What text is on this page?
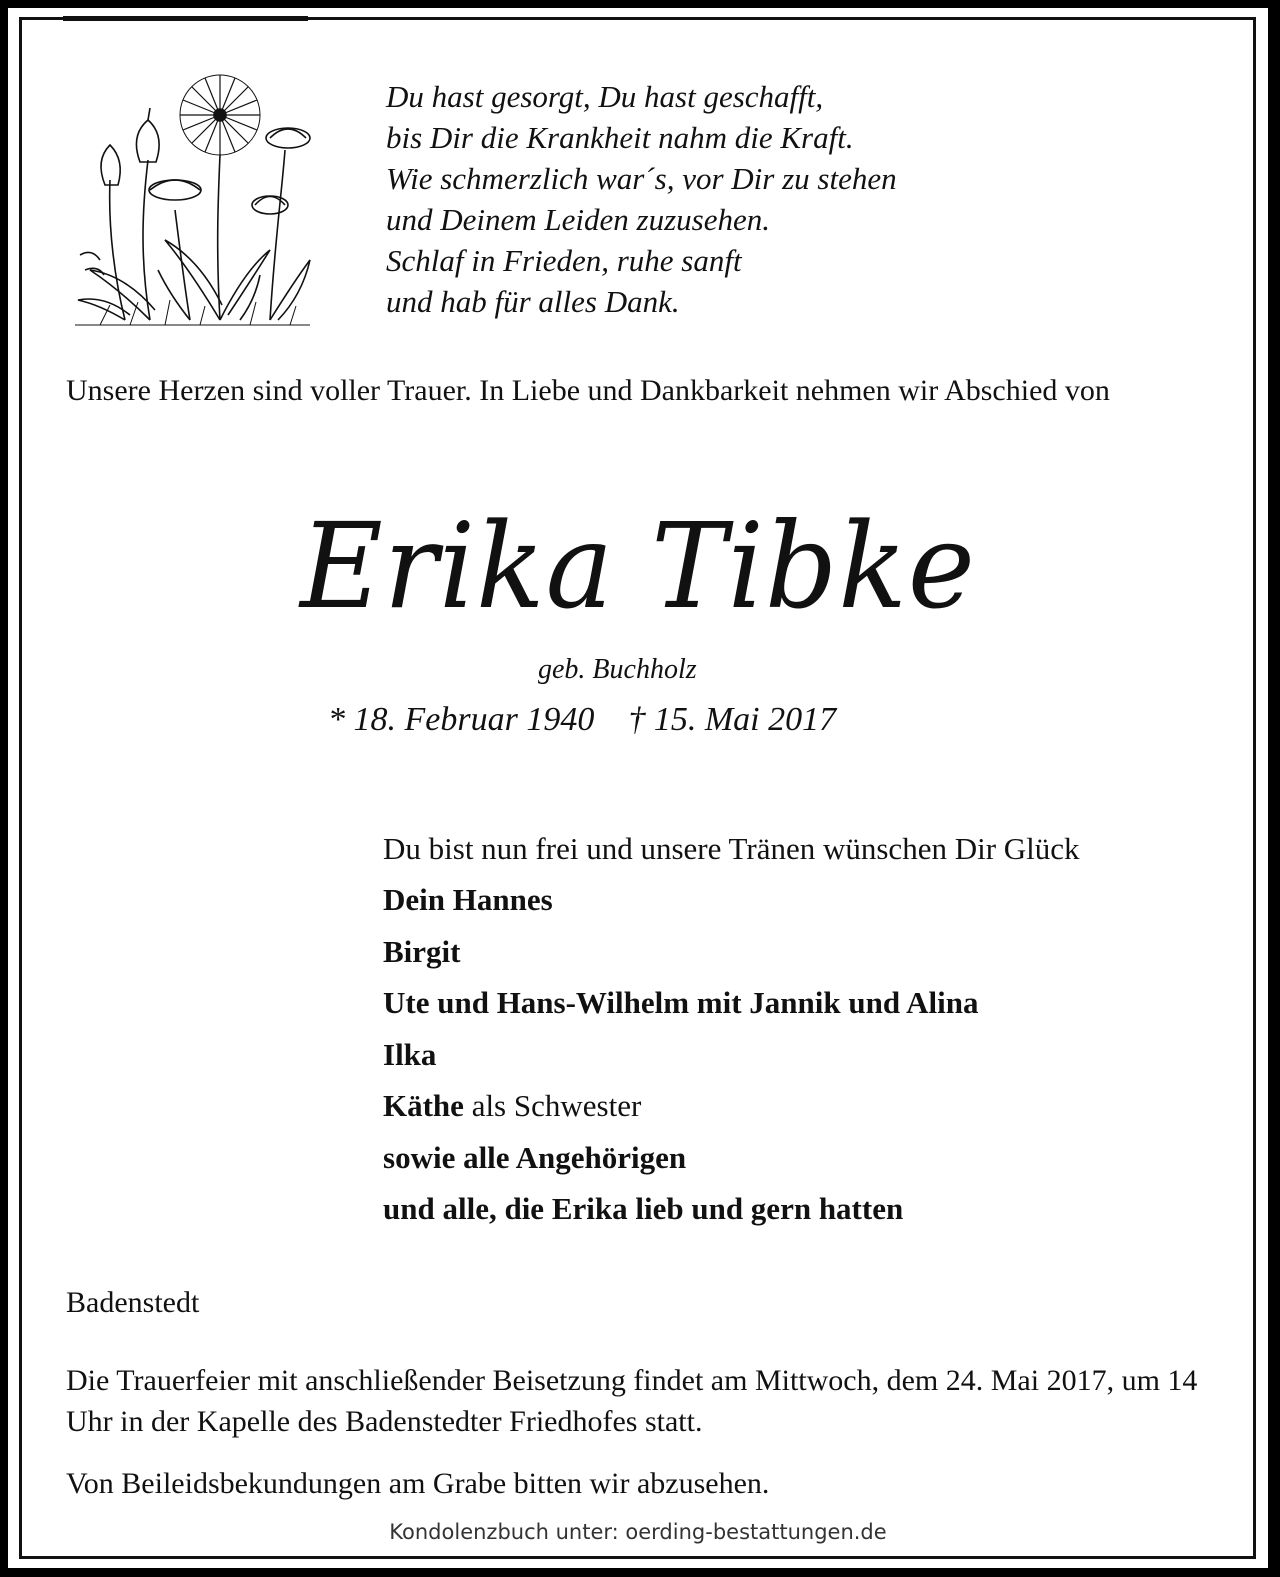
Du hast gesorgt, Du hast geschafft,
bis Dir die Krankheit nahm die Kraft.
Wie schmerzlich war´s, vor Dir zu stehen
und Deinem Leiden zuzusehen.
Schlaf in Frieden, ruhe sanft
und hab für alles Dank.

Unsere Herzen sind voller Trauer. In Liebe und Dankbarkeit nehmen wir Abschied von

Erika Tibke
geb. Buchholz
* 18. Februar 1940 † 15. Mai 2017

Du bist nun frei und unsere Tränen wünschen Dir Glück

Dein Hannes
Birgit
Ute und Hans-Wilhelm mit Jannik und Alina
Ilka
Käthe als Schwester
sowie alle Angehörigen
und alle, die Erika lieb und gern hatten
Badenstedt

Die Trauerfeier mit anschließender Beisetzung findet am Mittwoch, dem 24. Mai 2017, um 14 Uhr in der Kapelle des Badenstedter Friedhofes statt.

Von Beileidsbekundungen am Grabe bitten wir abzusehen.
Kondolenzbuch unter: oerding-bestattungen.de
